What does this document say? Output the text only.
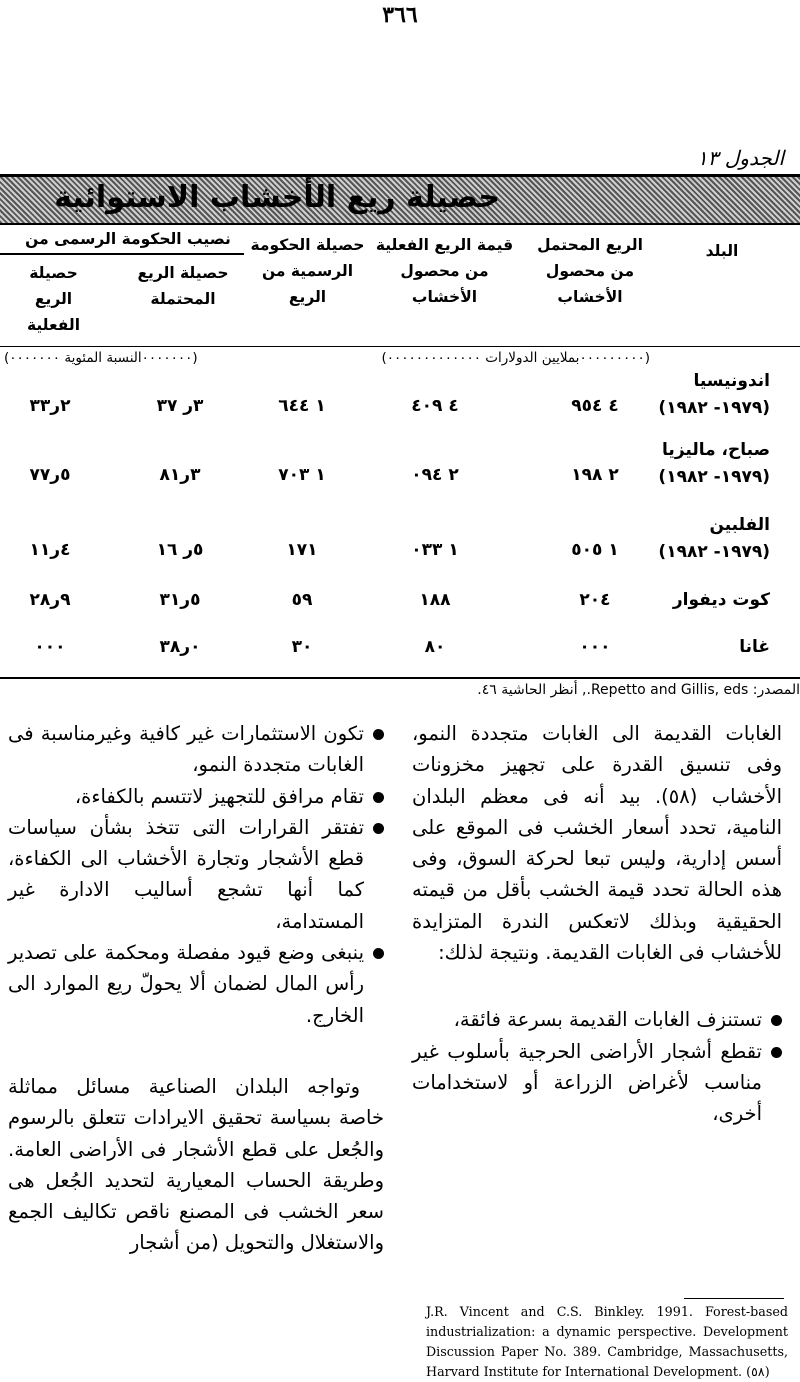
٣٦٦
الجدول ١٣
حصيلة ريع الأخشاب الاستوائية
البلد
الريع المحتمل
من محصول
الأخشاب
قيمة الريع الفعلية
من محصول
الأخشاب
حصيلة الحكومة
الرسمية من
الريع
نصيب الحكومة الرسمى من
حصيلة الريع
المحتملة
حصيلة
الريع
الفعلية
(٠٠٠٠٠٠٠٠٠بملايين الدولارات ٠٠٠٠٠٠٠٠٠٠٠٠٠)
(٠٠٠٠٠٠٠النسبة المئوية ٠٠٠٠٠٠٠)
اندونيسيا
(١٩٧٩- ١٩٨٢)
٤ ٩٥٤
٤ ٤٠٩
١ ٦٤٤
٣ر ٣٧
٢ر٣٣
صباح، ماليزيا
(١٩٧٩- ١٩٨٢)
٢ ١٩٨
٢ ٠٩٤
١ ٧٠٣
٣ر٨١
٥ر٧٧
الفلبين
(١٩٧٩- ١٩٨٢)
١ ٥٠٥
١ ٠٣٣
١٧١
٥ر ١٦
٤ر١١
كوت ديفوار
٢٠٤
١٨٨
٥٩
٥ر٣١
٩ر٢٨
غانا
٠٠٠
٨٠
٣٠
٠ر٣٨
٠٠٠
المصدر: Repetto and Gillis, eds., أنظر الحاشية ٤٦.

الغابات القديمة الى الغابات متجددة النمو، وفى تنسيق القدرة على تجهيز مخزونات الأخشاب (٥٨). بيد أنه فى معظم البلدان النامية، تحدد أسعار الخشب فى الموقع على أسس إدارية، وليس تبعا لحركة السوق، وفى هذه الحالة تحدد قيمة الخشب بأقل من قيمته الحقيقية وبذلك لاتعكس الندرة المتزايدة للأخشاب فى الغابات القديمة. ونتيجة لذلك:

تستنزف الغابات القديمة بسرعة فائقة،
تقطع أشجار الأراضى الحرجية بأسلوب غير مناسب لأغراض الزراعة أو لاستخدامات أخرى،
تكون الاستثمارات غير كافية وغيرمناسبة فى الغابات متجددة النمو،
تقام مرافق للتجهيز لاتتسم بالكفاءة،
تفتقر القرارات التى تتخذ بشأن سياسات قطع الأشجار وتجارة الأخشاب الى الكفاءة، كما أنها تشجع أساليب الادارة غير المستدامة،
ينبغى وضع قيود مفصلة ومحكمة على تصدير رأس المال لضمان ألا يحولّ ريع الموارد الى الخارج.

وتواجه البلدان الصناعية مسائل مماثلة خاصة بسياسة تحقيق الايرادات تتعلق بالرسوم والجُعل على قطع الأشجار فى الأراضى العامة. وطريقة الحساب المعيارية لتحديد الجُعل هى سعر الخشب فى المصنع ناقص تكاليف الجمع والاستغلال والتحويل (من أشجار

J.R. Vincent and C.S. Binkley. 1991. Forest-based industrialization: a dynamic perspective. Development Discussion Paper No. 389. Cambridge, Massachusetts, Harvard Institute for International Development. (٥٨)
